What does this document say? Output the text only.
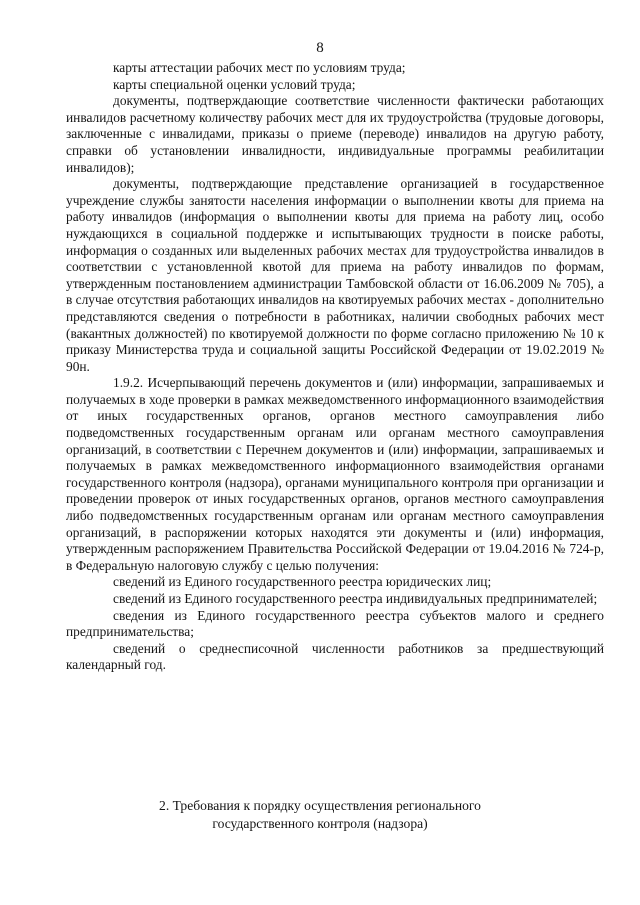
8

карты аттестации рабочих мест по условиям труда;

карты специальной оценки условий труда;

документы, подтверждающие соответствие численности фактически работающих инвалидов расчетному количеству рабочих мест для их трудоустройства (трудовые договоры, заключенные с инвалидами, приказы о приеме (переводе) инвалидов на другую работу, справки об установлении инвалидности, индивидуальные программы реабилитации инвалидов);

документы, подтверждающие представление организацией в государственное учреждение службы занятости населения информации о выполнении квоты для приема на работу инвалидов (информация о выполнении квоты для приема на работу лиц, особо нуждающихся в социальной поддержке и испытывающих трудности в поиске работы, информация о созданных или выделенных рабочих местах для трудоустройства инвалидов в соответствии с установленной квотой для приема на работу инвалидов по формам, утвержденным постановлением администрации Тамбовской области от 16.06.2009 № 705), а в случае отсутствия работающих инвалидов на квотируемых рабочих местах - дополнительно представляются сведения о потребности в работниках, наличии свободных рабочих мест (вакантных должностей) по квотируемой должности по форме согласно приложению № 10 к приказу Министерства труда и социальной защиты Российской Федерации от 19.02.2019 № 90н.

1.9.2. Исчерпывающий перечень документов и (или) информации, запрашиваемых и получаемых в ходе проверки в рамках межведомственного информационного взаимодействия от иных государственных органов, органов местного самоуправления либо подведомственных государственным органам или органам местного самоуправления организаций, в соответствии с Перечнем документов и (или) информации, запрашиваемых и получаемых в рамках межведомственного информационного взаимодействия органами государственного контроля (надзора), органами муниципального контроля при организации и проведении проверок от иных государственных органов, органов местного самоуправления либо подведомственных государственным органам или органам местного самоуправления организаций, в распоряжении которых находятся эти документы и (или) информация, утвержденным распоряжением Правительства Российской Федерации от 19.04.2016 № 724-р, в Федеральную налоговую службу с целью получения:

сведений из Единого государственного реестра юридических лиц;

сведений из Единого государственного реестра индивидуальных предпринимателей;

сведения из Единого государственного реестра субъектов малого и среднего предпринимательства;

сведений о среднесписочной численности работников за предшествующий календарный год.

2. Требования к порядку осуществления регионального
государственного контроля (надзора)
